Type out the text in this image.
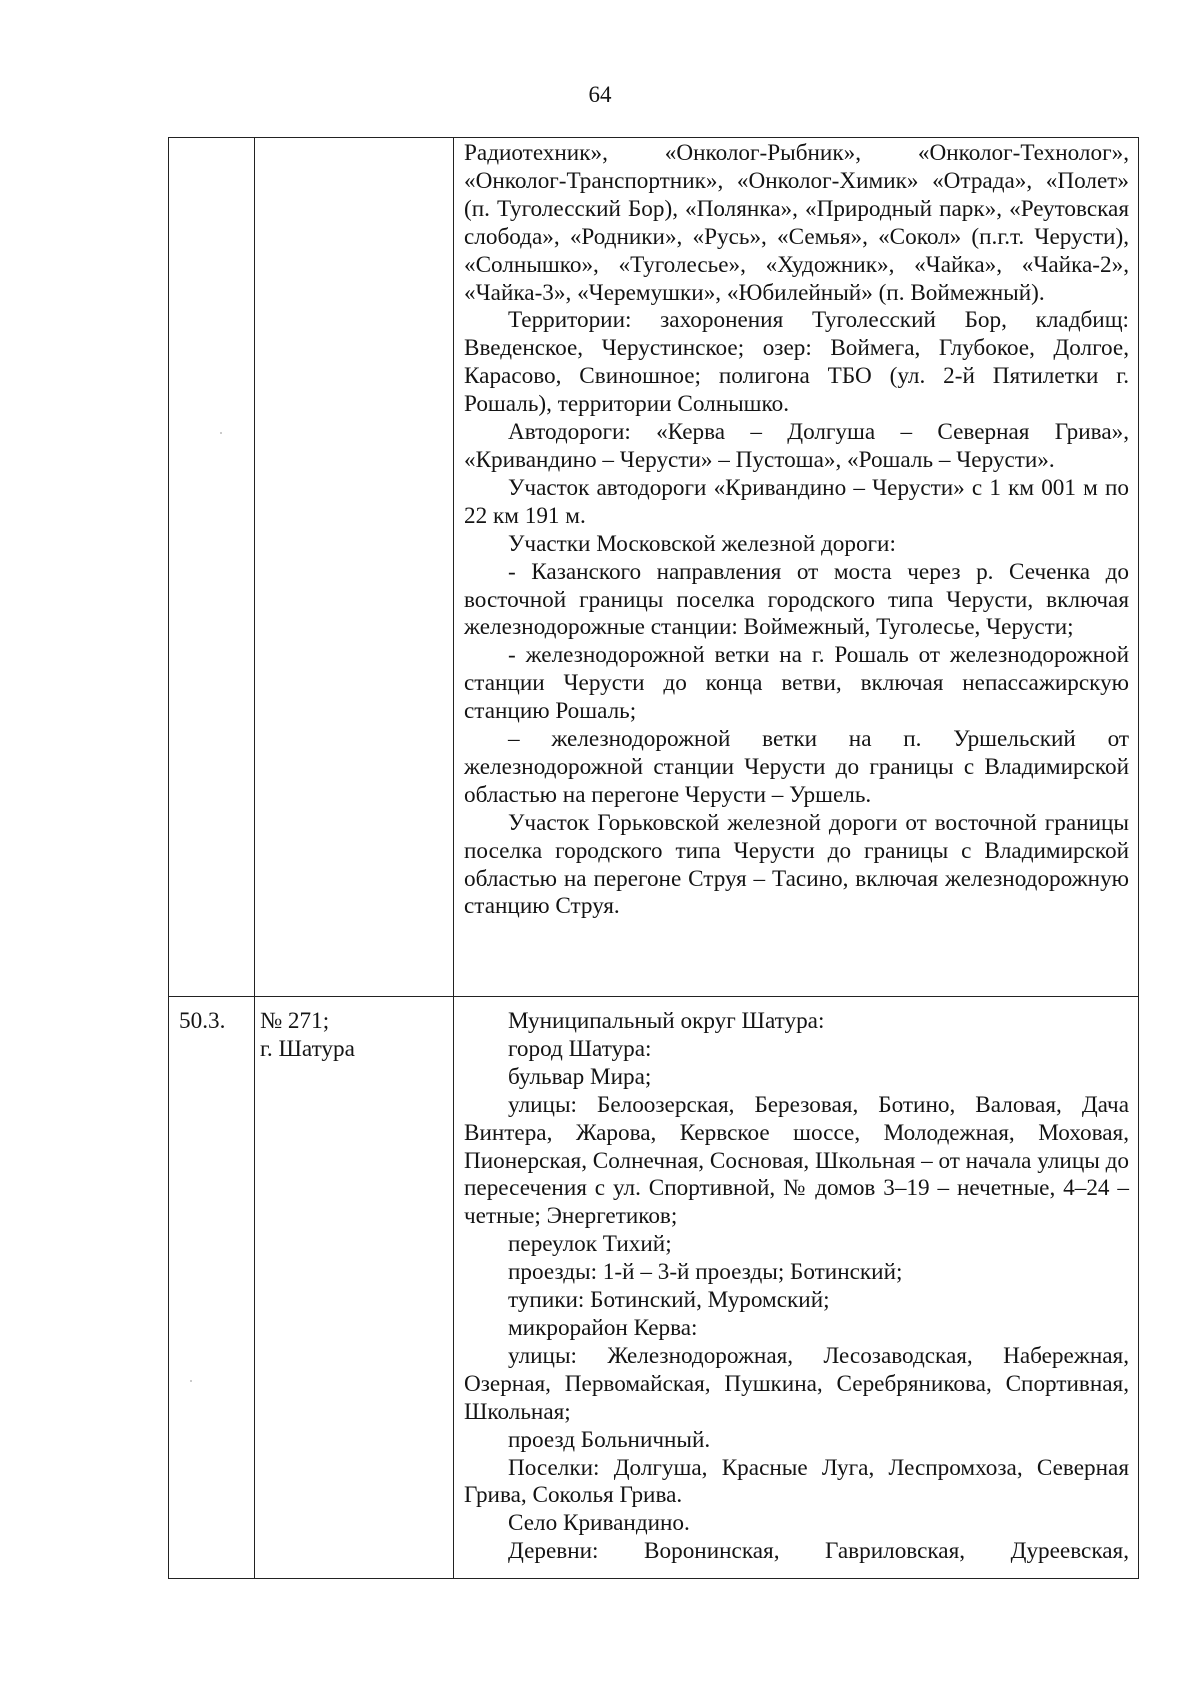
64

Радиотехник», «Онколог-Рыбник», «Онколог-Технолог», «Онколог-Транспортник», «Онколог-Химик» «Отрада», «Полет» (п. Туголесский Бор), «Полянка», «Природный парк», «Реутовская слобода», «Родники», «Русь», «Семья», «Сокол» (п.г.т. Черусти), «Солнышко», «Туголесье», «Художник», «Чайка», «Чайка-2», «Чайка-3», «Черемушки», «Юбилейный» (п. Воймежный).

Территории: захоронения Туголесский Бор, кладбищ: Введенское, Черустинское; озер: Воймега, Глубокое, Долгое, Карасово, Свиношное; полигона ТБО (ул. 2-й Пятилетки г. Рошаль), территории Солнышко.

Автодороги: «Керва – Долгуша – Северная Грива», «Кривандино – Черусти» – Пустоша», «Рошаль – Черусти».

Участок автодороги «Кривандино – Черусти» с 1 км 001 м по 22 км 191 м.

Участки Московской железной дороги:

- Казанского направления от моста через р. Сеченка до восточной границы поселка городского типа Черусти, включая железнодорожные станции: Воймежный, Туголесье, Черусти;

- железнодорожной ветки на г. Рошаль от железнодорожной станции Черусти до конца ветви, включая непассажирскую станцию Рошаль;

– железнодорожной ветки на п. Уршельский от железнодорожной станции Черусти до границы с Владимирской областью на перегоне Черусти – Уршель.

Участок Горьковской железной дороги от восточной границы поселка городского типа Черусти до границы с Владимирской областью на перегоне Струя – Тасино, включая железнодорожную станцию Струя.

50.3.	№ 271;
г. Шатура

Муниципальный округ Шатура:

город Шатура:

бульвар Мира;

улицы: Белоозерская, Березовая, Ботино, Валовая, Дача Винтера, Жарова, Кервское шоссе, Молодежная, Моховая, Пионерская, Солнечная, Сосновая, Школьная – от начала улицы до пересечения с ул. Спортивной, № домов 3–19 – нечетные, 4–24 – четные; Энергетиков;

переулок Тихий;

проезды: 1-й – 3-й проезды; Ботинский;

тупики: Ботинский, Муромский;

микрорайон Керва:

улицы: Железнодорожная, Лесозаводская, Набережная, Озерная, Первомайская, Пушкина, Серебряникова, Спортивная, Школьная;

проезд Больничный.

Поселки: Долгуша, Красные Луга, Леспромхоза, Северная Грива, Соколья Грива.

Село Кривандино.

Деревни: Воронинская, Гавриловская, Дуреевская,
